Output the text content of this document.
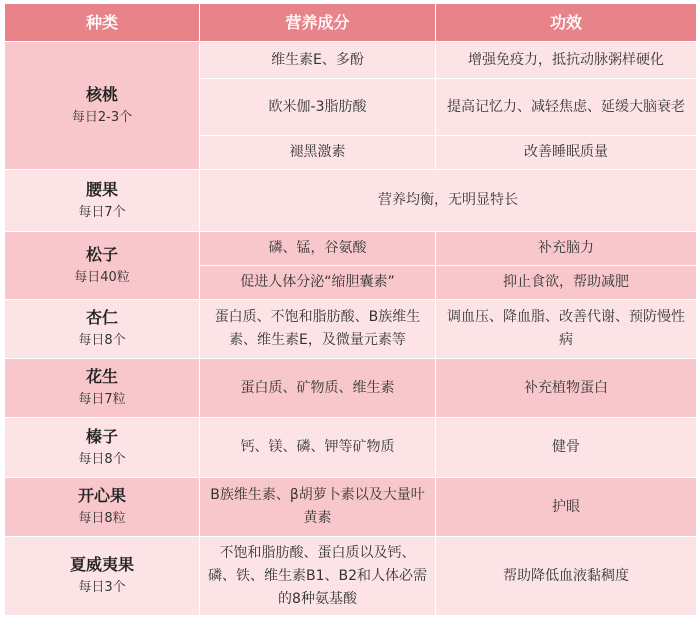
种类	营养成分	功效

核桃
每日2-3个	维生素E、多酚	增强免疫力，抵抗动脉粥样硬化

	欧米伽-3脂肪酸	提高记忆力、减轻焦虑、延缓大脑衰老

	褪黑激素	改善睡眠质量

腰果
每日7个	营养均衡，无明显特长	

松子
每日40粒	磷、锰，谷氨酸	补充脑力

	促进人体分泌“缩胆囊素”	抑止食欲，帮助减肥

杏仁
每日8个	蛋白质、不饱和脂肪酸、B族维生素、维生素E，及微量元素等	调血压、降血脂、改善代谢、预防慢性病

花生
每日7粒	蛋白质、矿物质、维生素	补充植物蛋白

榛子
每日8个	钙、镁、磷、钾等矿物质	健骨

开心果
每日8粒	B族维生素、β胡萝卜素以及大量叶黄素	护眼

夏威夷果
每日3个	不饱和脂肪酸、蛋白质以及钙、磷、铁、维生素B1、B2和人体必需的8种氨基酸	帮助降低血液黏稠度
